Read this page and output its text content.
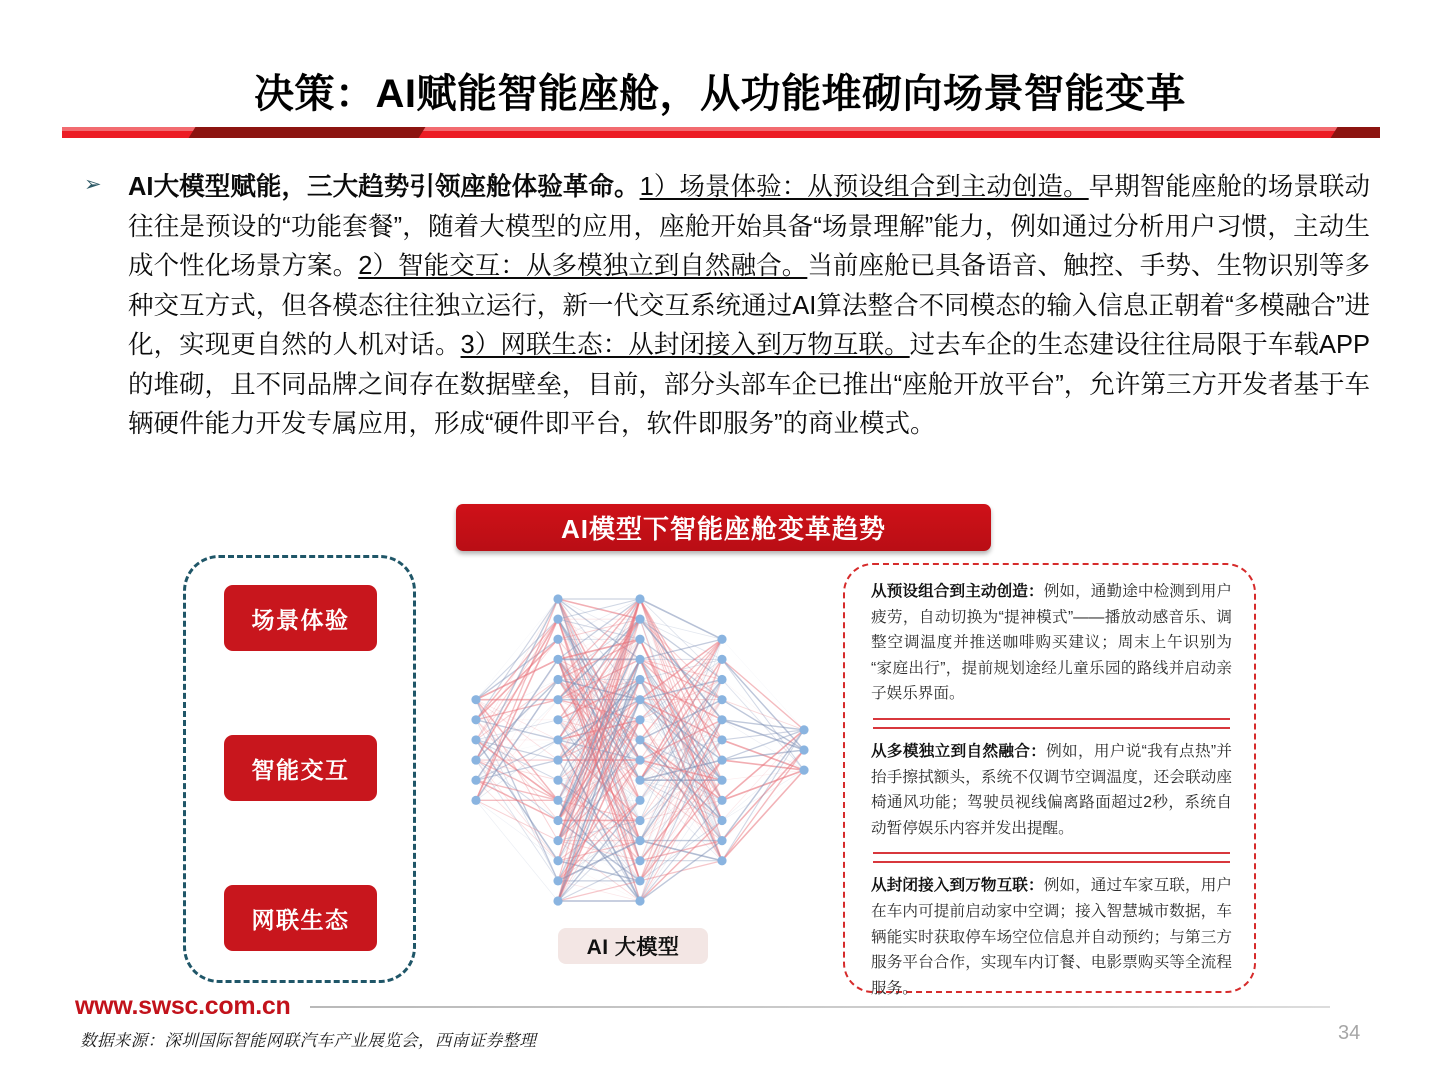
决策：AI赋能智能座舱，从功能堆砌向场景智能变革
➢ AI大模型赋能，三大趋势引领座舱体验革命。1）场景体验：从预设组合到主动创造。早期智能座舱的场景联动往往是预设的“功能套餐”，随着大模型的应用，座舱开始具备“场景理解”能力，例如通过分析用户习惯，主动生成个性化场景方案。2）智能交互：从多模独立到自然融合。当前座舱已具备语音、触控、手势、生物识别等多种交互方式，但各模态往往独立运行，新一代交互系统通过AI算法整合不同模态的输入信息正朝着“多模融合”进化，实现更自然的人机对话。3）网联生态：从封闭接入到万物互联。过去车企的生态建设往往局限于车载APP的堆砌，且不同品牌之间存在数据壁垒，目前，部分头部车企已推出“座舱开放平台”，允许第三方开发者基于车辆硬件能力开发专属应用，形成“硬件即平台，软件即服务”的商业模式。
AI模型下智能座舱变革趋势
场景体验
智能交互
网联生态
AI 大模型
从预设组合到主动创造：例如，通勤途中检测到用户疲劳，自动切换为“提神模式”——播放动感音乐、调整空调温度并推送咖啡购买建议；周末上午识别为“家庭出行”，提前规划途经儿童乐园的路线并启动亲子娱乐界面。
从多模独立到自然融合：例如，用户说“我有点热”并抬手擦拭额头，系统不仅调节空调温度，还会联动座椅通风功能；驾驶员视线偏离路面超过2秒，系统自动暂停娱乐内容并发出提醒。
从封闭接入到万物互联：例如，通过车家互联，用户在车内可提前启动家中空调；接入智慧城市数据，车辆能实时获取停车场空位信息并自动预约；与第三方服务平台合作，实现车内订餐、电影票购买等全流程服务。
www.swsc.com.cn
数据来源：深圳国际智能网联汽车产业展览会，西南证券整理	34
